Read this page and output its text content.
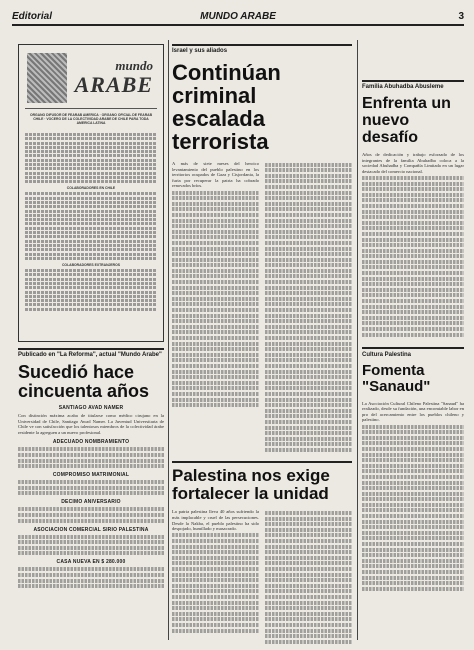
Editorial	MUNDO ARABE	3
mundo
ARABE
ORGANO DIFUSOR DE FEARAB AMERICA · ORGANO OFICIAL DE FEARAB CHILE · VOCERO DE LA COLECTIVIDAD ARABE DE CHILE PARA TODA AMERICA LATINA
COLABORADORES EN CHILE
COLABORADORES EXTRANJEROS
Publicado en "La Reforma", actual "Mundo Arabe"
Sucedió hace cincuenta años
SANTIAGO AVAD NAMER
Con distinción máxima acaba de titularse como médico cirujano en la Universidad de Chile, Santiago Awad Namer. La Juventud Universitaria de Chile ve con satisfacción que los talentosos miembros de la colectividad árabe residente la agreguen a un nuevo profesional.
ADECUADO NOMBRAMIENTO
COMPROMISO MATRIMONIAL
DECIMO ANIVERSARIO
ASOCIACION COMERCIAL SIRIO PALESTINA
CASA NUEVA EN $ 280.000
Israel y sus aliados
Continúan criminal escalada terrorista
A más de siete meses del heroico levantamiento del pueblo palestino en los territorios ocupados de Gaza y Cisjordania, la furia por recuperar la patria ha cobrado renovados bríos.
Palestina nos exige fortalecer la unidad
La patria palestina lleva 40 años sufriendo la más implacable y cruel de las persecuciones. Desde la Nakba, el pueblo palestino ha sido despojado, humillado y masacrado.
Familia Abuhadba Abusleme
Enfrenta un nuevo desafío
Años de dedicación y trabajo esforzado de los integrantes de la familia Abuhadba coloca a la sociedad Abuhadba y Compañía Limitada en un lugar destacado del comercio nacional.
Cultura Palestina
Fomenta "Sanaud"
La Asociación Cultural Chileno Palestina "Sanaud" ha realizado, desde su fundación, una encomiable labor en pro del acercamiento entre los pueblos chileno y palestino.
